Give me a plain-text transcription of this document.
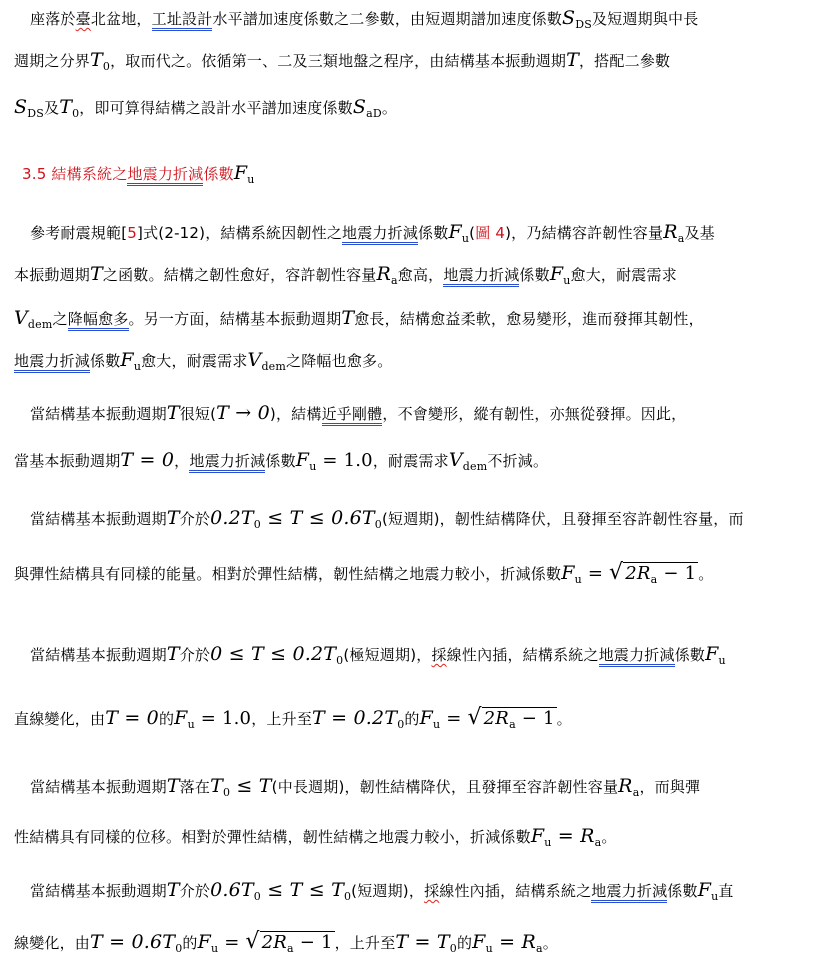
座落於臺北盆地，工址設計水平譜加速度係數之二參數，由短週期譜加速度係數$S_{DS}$及短週期與中長
週期之分界$T_0$，取而代之。依循第一、二及三類地盤之程序，由結構基本振動週期T，搭配二參數
$S_{DS}$及$T_0$，即可算得結構之設計水平譜加速度係數$S_{aD}$。
3.5 結構系統之地震力折減係數$F_u$
參考耐震規範[5]式(2-12)，結構系統因韌性之地震力折減係數$F_u$(圖 4)，乃結構容許韌性容量$R_a$及基
本振動週期T之函數。結構之韌性愈好，容許韌性容量$R_a$愈高，地震力折減係數$F_u$愈大，耐震需求
$V_{dem}$之降幅愈多。另一方面，結構基本振動週期T愈長，結構愈益柔軟，愈易變形，進而發揮其韌性，
地震力折減係數$F_u$愈大，耐震需求$V_{dem}$之降幅也愈多。
當結構基本振動週期T很短(T → 0)，結構近乎剛體，不會變形，縱有韌性，亦無從發揮。因此，
當基本振動週期T = 0，地震力折減係數$F_u = 1.0$，耐震需求$V_{dem}$不折減。
當結構基本振動週期T介於$0.2T_0 \le T \le 0.6T_0$(短週期)，韌性結構降伏，且發揮至容許韌性容量，而
與彈性結構具有同樣的能量。相對於彈性結構，韌性結構之地震力較小，折減係數$F_u$ = √ $2R_a - 1$ 。
當結構基本振動週期T介於$0 \le T \le 0.2T_0$(極短週期)，採線性內插，結構系統之地震力折減係數$F_u$
直線變化，由T = 0的$F_u = 1.0$，上升至$T = 0.2T_0$的$F_u$ = √ $2R_a - 1$ 。
當結構基本振動週期T落在$T_0 \le T$(中長週期)，韌性結構降伏，且發揮至容許韌性容量$R_a$，而與彈
性結構具有同樣的位移。相對於彈性結構，韌性結構之地震力較小，折減係數$F_u = R_a$。
當結構基本振動週期T介於$0.6T_0 \le T \le T_0$(短週期)，採線性內插，結構系統之地震力折減係數$F_u$直
線變化，由$T = 0.6T_0$的$F_u$ = √ $2R_a - 1$ ，上升至$T = T_0$的$F_u = R_a$。
